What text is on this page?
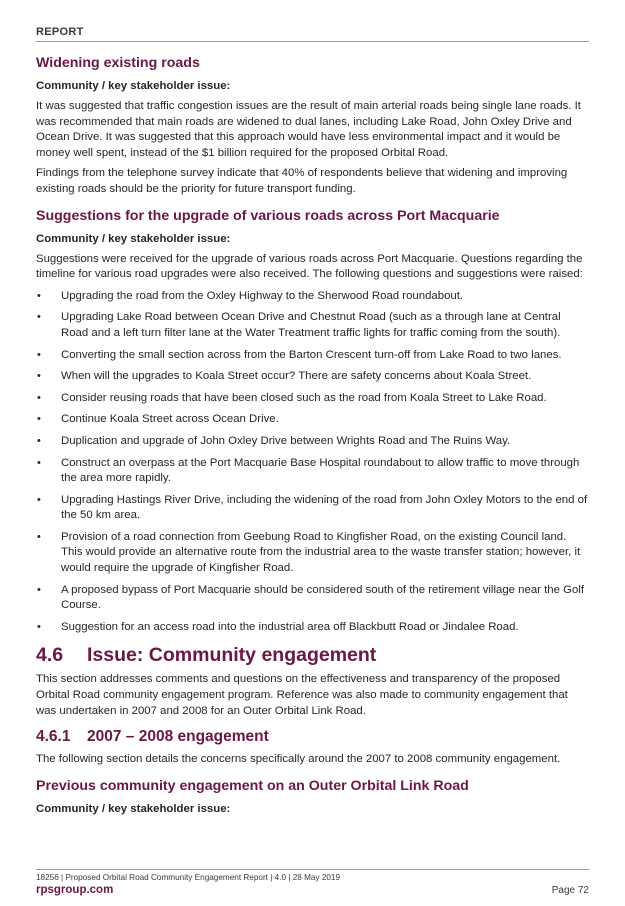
REPORT
Widening existing roads
Community / key stakeholder issue:

It was suggested that traffic congestion issues are the result of main arterial roads being single lane roads. It was recommended that main roads are widened to dual lanes, including Lake Road, John Oxley Drive and Ocean Drive. It was suggested that this approach would have less environmental impact and it would be money well spent, instead of the $1 billion required for the proposed Orbital Road.

Findings from the telephone survey indicate that 40% of respondents believe that widening and improving existing roads should be the priority for future transport funding.

Suggestions for the upgrade of various roads across Port Macquarie
Community / key stakeholder issue:

Suggestions were received for the upgrade of various roads across Port Macquarie. Questions regarding the timeline for various road upgrades were also received. The following questions and suggestions were raised:

• Upgrading the road from the Oxley Highway to the Sherwood Road roundabout.
• Upgrading Lake Road between Ocean Drive and Chestnut Road (such as a through lane at Central Road and a left turn filter lane at the Water Treatment traffic lights for traffic coming from the south).
• Converting the small section across from the Barton Crescent turn-off from Lake Road to two lanes.
• When will the upgrades to Koala Street occur? There are safety concerns about Koala Street.
• Consider reusing roads that have been closed such as the road from Koala Street to Lake Road.
• Continue Koala Street across Ocean Drive.
• Duplication and upgrade of John Oxley Drive between Wrights Road and The Ruins Way.
• Construct an overpass at the Port Macquarie Base Hospital roundabout to allow traffic to move through the area more rapidly.
• Upgrading Hastings River Drive, including the widening of the road from John Oxley Motors to the end of the 50 km area.
• Provision of a road connection from Geebung Road to Kingfisher Road, on the existing Council land. This would provide an alternative route from the industrial area to the waste transfer station; however, it would require the upgrade of Kingfisher Road.
• A proposed bypass of Port Macquarie should be considered south of the retirement village near the Golf Course.
• Suggestion for an access road into the industrial area off Blackbutt Road or Jindalee Road.
4.6 Issue: Community engagement

This section addresses comments and questions on the effectiveness and transparency of the proposed Orbital Road community engagement program. Reference was also made to community engagement that was undertaken in 2007 and 2008 for an Outer Orbital Link Road.

4.6.1 2007 – 2008 engagement

The following section details the concerns specifically around the 2007 to 2008 community engagement.

Previous community engagement on an Outer Orbital Link Road
Community / key stakeholder issue:
18256 | Proposed Orbital Road Community Engagement Report | 4.0 | 28 May 2019
rpsgroup.com	Page 72
